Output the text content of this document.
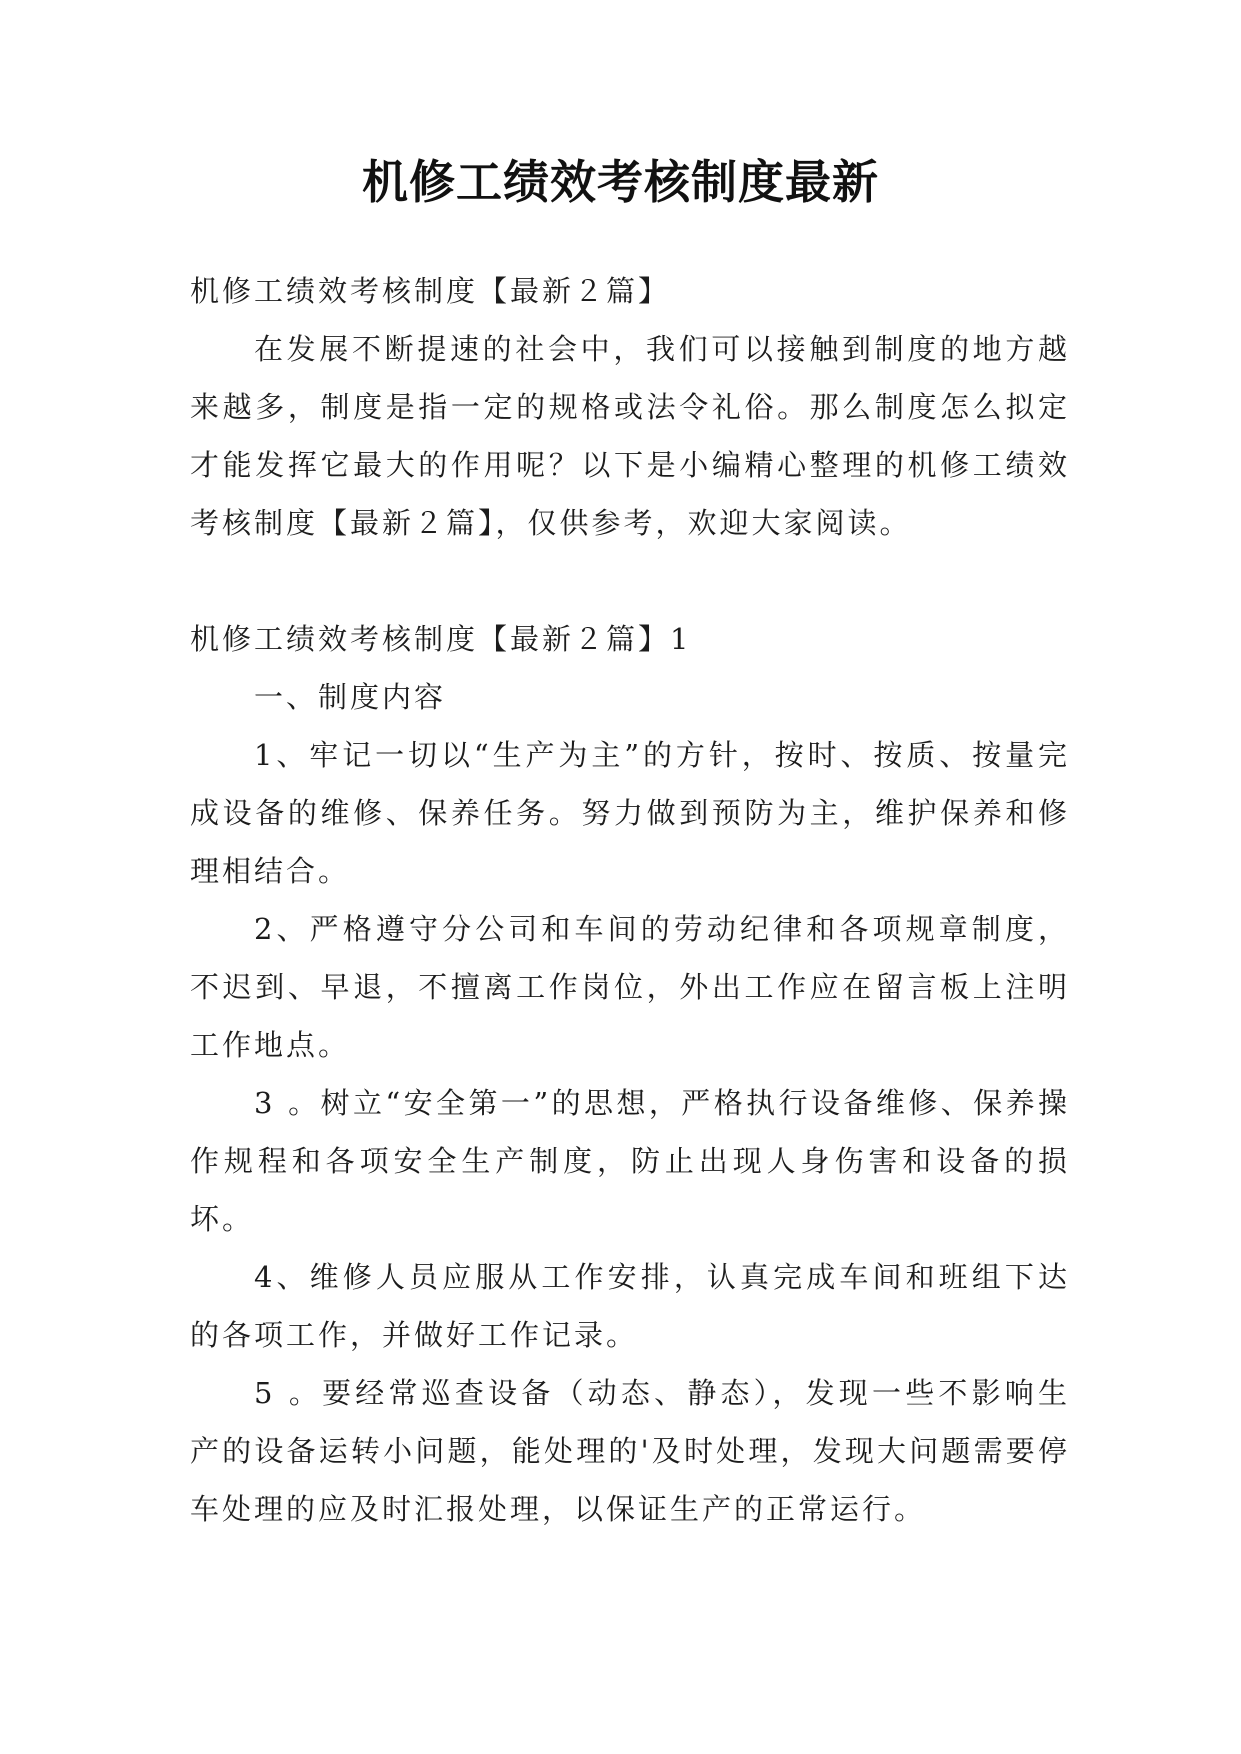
机修工绩效考核制度最新

机修工绩效考核制度【最新２篇】

在发展不断提速的社会中，我们可以接触到制度的地方越来越多，制度是指一定的规格或法令礼俗。那么制度怎么拟定才能发挥它最大的作用呢？以下是小编精心整理的机修工绩效考核制度【最新２篇】，仅供参考，欢迎大家阅读。

机修工绩效考核制度【最新２篇】1

一、制度内容

1、牢记一切以“生产为主”的方针，按时、按质、按量完成设备的维修、保养任务。努力做到预防为主，维护保养和修理相结合。

2、严格遵守分公司和车间的劳动纪律和各项规章制度，不迟到、早退，不擅离工作岗位，外出工作应在留言板上注明工作地点。

3 。树立“安全第一”的思想，严格执行设备维修、保养操作规程和各项安全生产制度，防止出现人身伤害和设备的损坏。

4、维修人员应服从工作安排，认真完成车间和班组下达的各项工作，并做好工作记录。

5 。要经常巡查设备（动态、静态），发现一些不影响生产的设备运转小问题，能处理的'及时处理，发现大问题需要停车处理的应及时汇报处理，以保证生产的正常运行。
